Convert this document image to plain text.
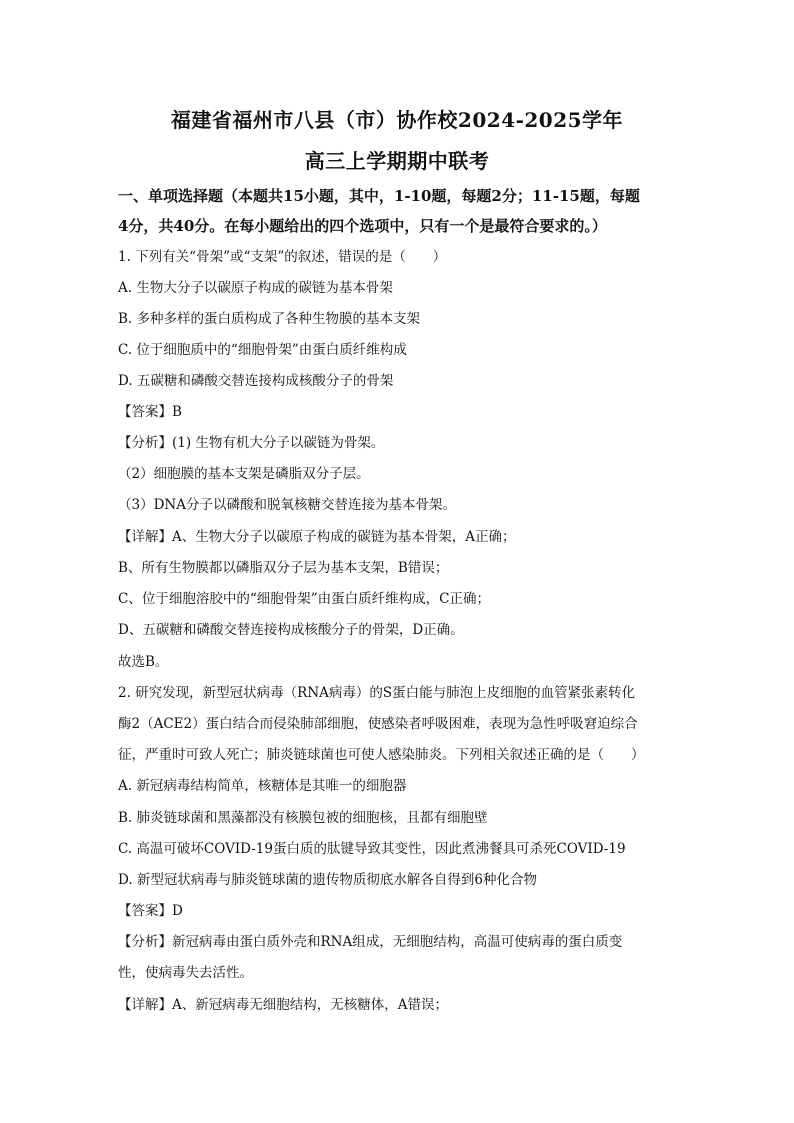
福建省福州市八县（市）协作校2024-2025学年
高三上学期期中联考
一、单项选择题（本题共15小题，其中，1-10题，每题2分；11-15题，每题
4分，共40分。在每小题给出的四个选项中，只有一个是最符合要求的。）
1. 下列有关“骨架”或“支架”的叙述，错误的是（　　）
A. 生物大分子以碳原子构成的碳链为基本骨架
B. 多种多样的蛋白质构成了各种生物膜的基本支架
C. 位于细胞质中的“细胞骨架”由蛋白质纤维构成
D. 五碳糖和磷酸交替连接构成核酸分子的骨架
【答案】B
【分析】(1) 生物有机大分子以碳链为骨架。
（2）细胞膜的基本支架是磷脂双分子层。
（3）DNA分子以磷酸和脱氧核糖交替连接为基本骨架。
【详解】A、生物大分子以碳原子构成的碳链为基本骨架，A正确；
B、所有生物膜都以磷脂双分子层为基本支架，B错误；
C、位于细胞溶胶中的“细胞骨架”由蛋白质纤维构成，C正确；
D、五碳糖和磷酸交替连接构成核酸分子的骨架，D正确。
故选B。
2. 研究发现，新型冠状病毒（RNA病毒）的S蛋白能与肺泡上皮细胞的血管紧张素转化
酶2（ACE2）蛋白结合而侵染肺部细胞，使感染者呼吸困难，表现为急性呼吸窘迫综合
征，严重时可致人死亡；肺炎链球菌也可使人感染肺炎。下列相关叙述正确的是（　　）
A. 新冠病毒结构简单，核糖体是其唯一的细胞器
B. 肺炎链球菌和黑藻都没有核膜包被的细胞核，且都有细胞壁
C. 高温可破坏COVID-19蛋白质的肽键导致其变性，因此煮沸餐具可杀死COVID-19
D. 新型冠状病毒与肺炎链球菌的遗传物质彻底水解各自得到6种化合物
【答案】D
【分析】新冠病毒由蛋白质外壳和RNA组成，无细胞结构，高温可使病毒的蛋白质变
性，使病毒失去活性。
【详解】A、新冠病毒无细胞结构，无核糖体，A错误；
